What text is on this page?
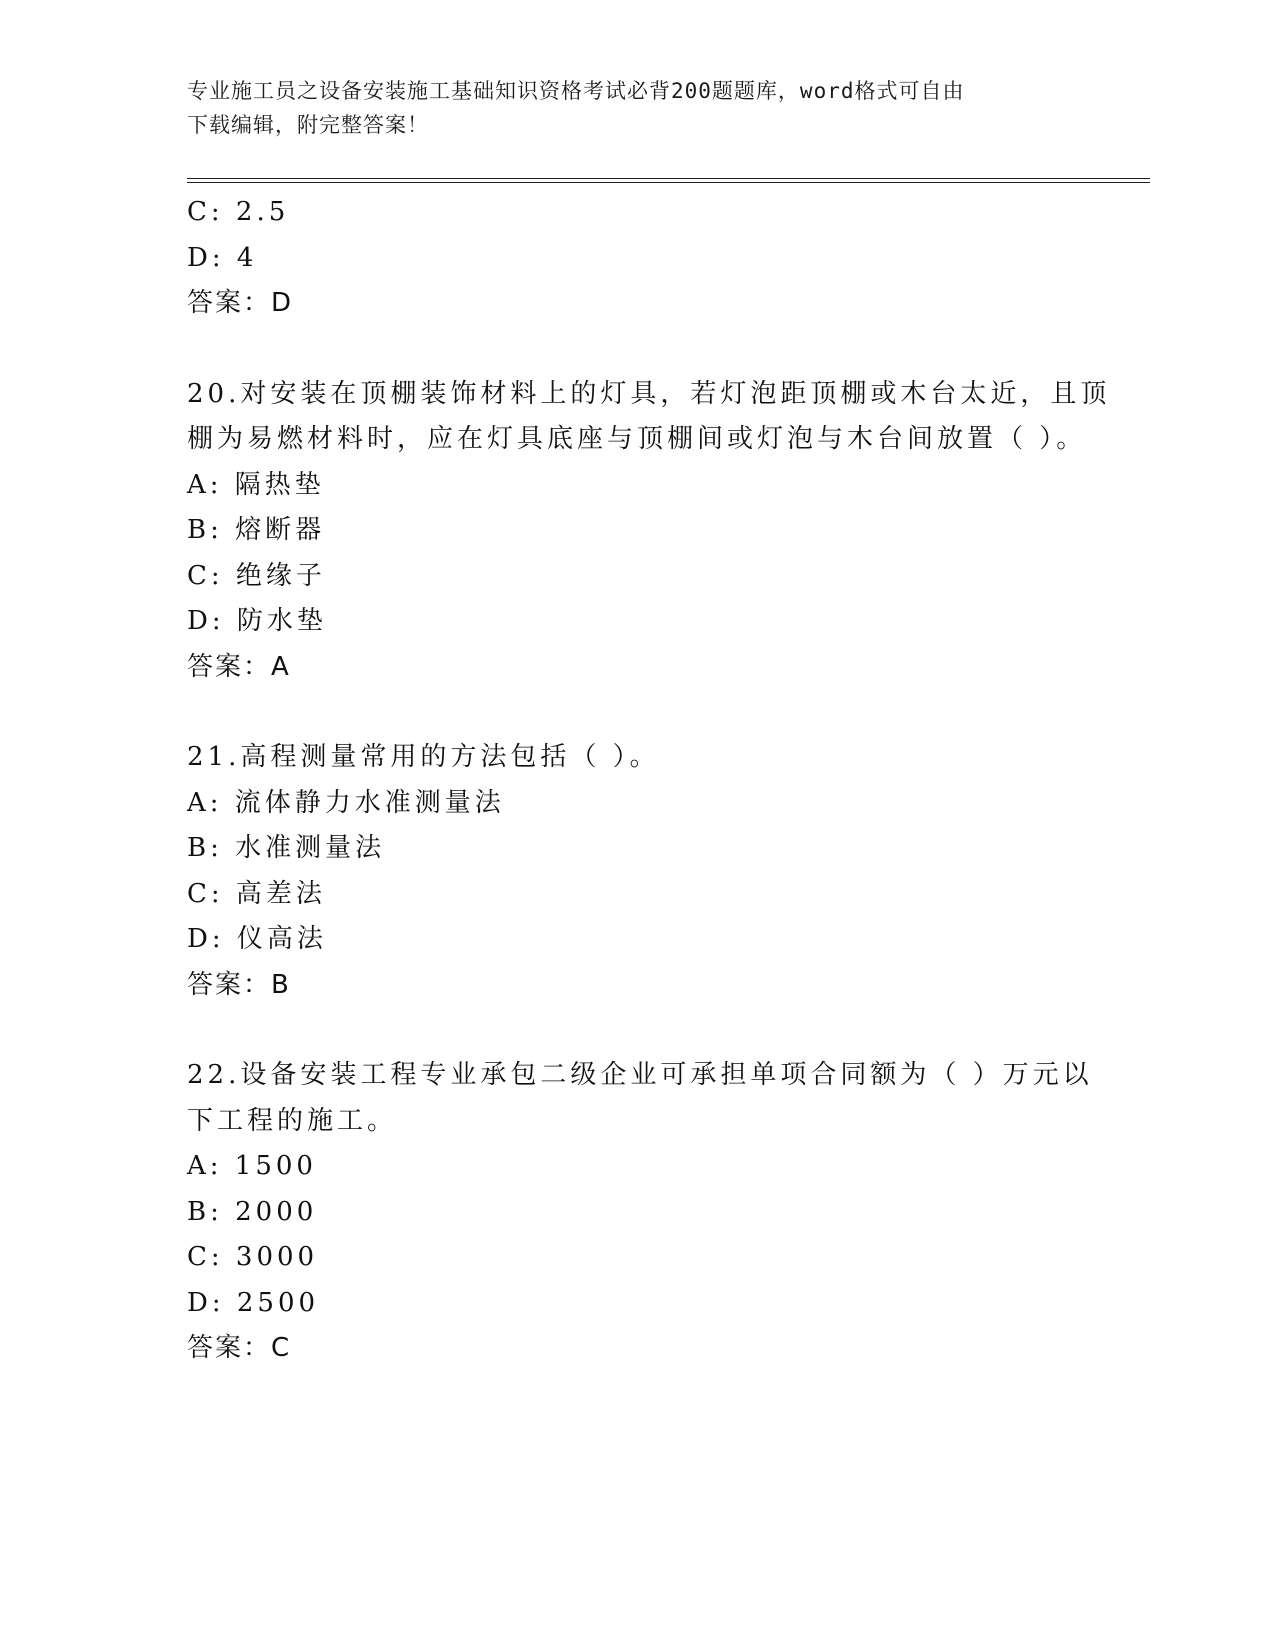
专业施工员之设备安装施工基础知识资格考试必背200题题库，word格式可自由
下载编辑，附完整答案！
C: 2.5
D: 4
答案：D
20.对安装在顶棚装饰材料上的灯具，若灯泡距顶棚或木台太近，且顶
棚为易燃材料时，应在灯具底座与顶棚间或灯泡与木台间放置（ ）。
A: 隔热垫
B: 熔断器
C: 绝缘子
D: 防水垫
答案：A
21.高程测量常用的方法包括（ ）。
A: 流体静力水准测量法
B: 水准测量法
C: 高差法
D: 仪高法
答案：B
22.设备安装工程专业承包二级企业可承担单项合同额为（ ）万元以
下工程的施工。
A: 1500
B: 2000
C: 3000
D: 2500
答案：C
